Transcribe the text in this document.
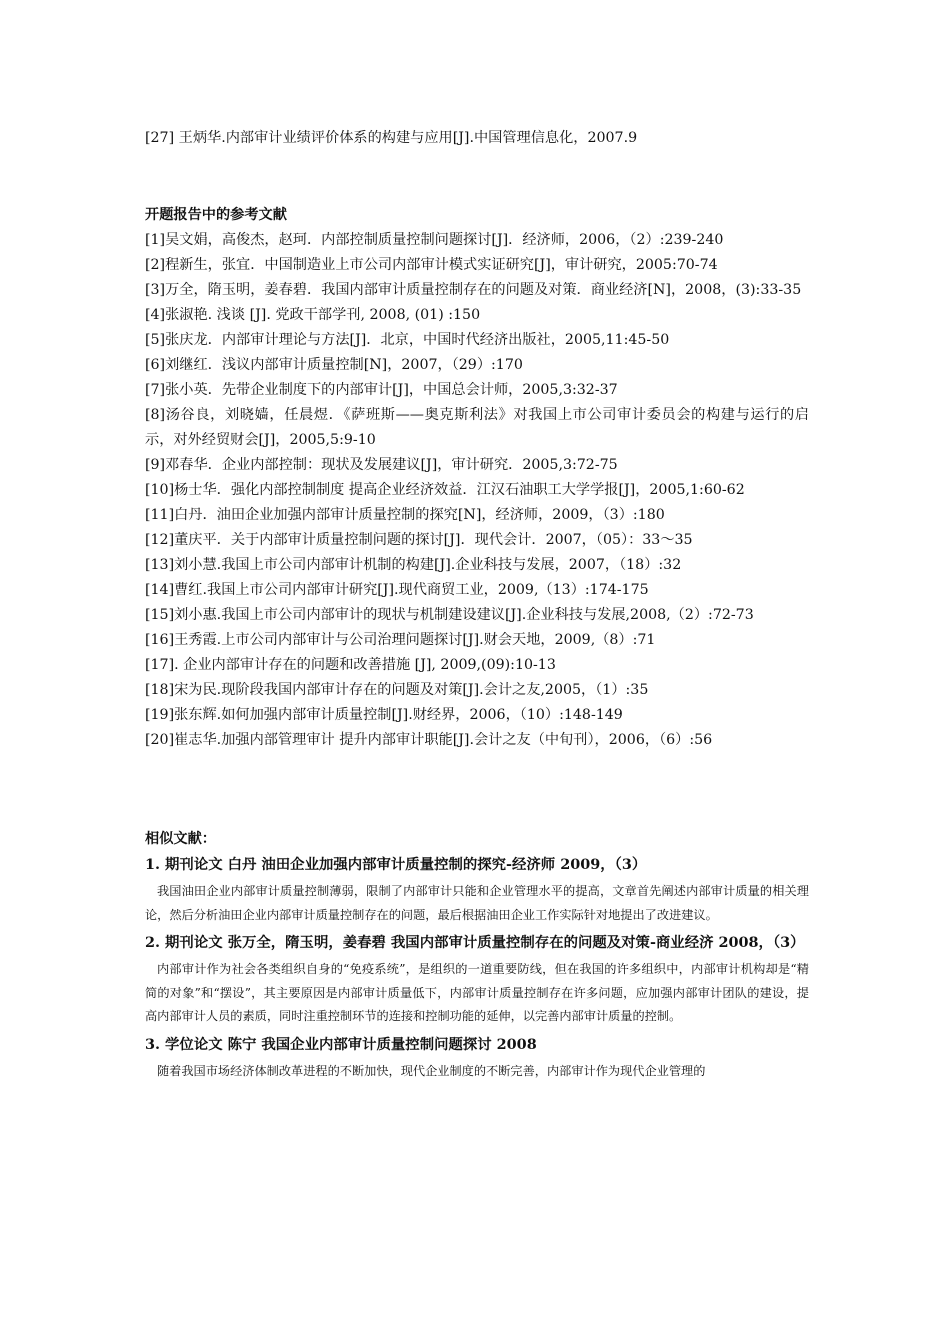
[27] 王炳华.内部审计业绩评价体系的构建与应用[J].中国管理信息化，2007.9

开题报告中的参考文献

[1]吴文娟，高俊杰，赵珂．内部控制质量控制问题探讨[J]．经济师，2006，（2）:239-240

[2]程新生，张宜．中国制造业上市公司内部审计模式实证研究[J]，审计研究，2005:70-74

[3]万全，隋玉明，姜春碧．我国内部审计质量控制存在的问题及对策．商业经济[N]，2008，(3):33-35

[4]张淑艳. 浅谈 [J]. 党政干部学刊, 2008, (01) :150

[5]张庆龙．内部审计理论与方法[J]．北京，中国时代经济出版社，2005,11:45-50

[6]刘继红．浅议内部审计质量控制[N]，2007，（29）:170

[7]张小英．先带企业制度下的内部审计[J]，中国总会计师，2005,3:32-37

[8]汤谷良，刘晓嫱，任晨煜．《萨班斯——奥克斯利法》对我国上市公司审计委员会的构建与运行的启示，对外经贸财会[J]，2005,5:9-10

[9]邓春华．企业内部控制：现状及发展建议[J]，审计研究．2005,3:72-75

[10]杨士华．强化内部控制制度 提高企业经济效益．江汉石油职工大学学报[J]，2005,1:60-62

[11]白丹．油田企业加强内部审计质量控制的探究[N]，经济师，2009，（3）:180

[12]董庆平．关于内部审计质量控制问题的探讨[J]．现代会计．2007，（05）：33～35

[13]刘小慧.我国上市公司内部审计机制的构建[J].企业科技与发展，2007，（18）:32

[14]曹红.我国上市公司内部审计研究[J].现代商贸工业，2009,（13）:174-175

[15]刘小惠.我国上市公司内部审计的现状与机制建设建议[J].企业科技与发展,2008,（2）:72-73

[16]王秀霞.上市公司内部审计与公司治理问题探讨[J].财会天地，2009,（8）:71

[17]. 企业内部审计存在的问题和改善措施 [J], 2009,(09):10-13

[18]宋为民.现阶段我国内部审计存在的问题及对策[J].会计之友,2005，（1）:35

[19]张东辉.如何加强内部审计质量控制[J].财经界，2006，（10）:148-149

[20]崔志华.加强内部管理审计 提升内部审计职能[J].会计之友（中旬刊），2006，（6）:56

相似文献：

1. 期刊论文 白丹 油田企业加强内部审计质量控制的探究-经济师 2009，（3）

我国油田企业内部审计质量控制薄弱，限制了内部审计只能和企业管理水平的提高，文章首先阐述内部审计质量的相关理论，然后分析油田企业内部审计质量控制存在的问题，最后根据油田企业工作实际针对地提出了改进建议。

2. 期刊论文 张万全，隋玉明，姜春碧 我国内部审计质量控制存在的问题及对策-商业经济 2008，（3）

内部审计作为社会各类组织自身的“免疫系统”，是组织的一道重要防线，但在我国的许多组织中，内部审计机构却是“精简的对象”和“摆设”，其主要原因是内部审计质量低下，内部审计质量控制存在许多问题，应加强内部审计团队的建设，提高内部审计人员的素质，同时注重控制环节的连接和控制功能的延伸，以完善内部审计质量的控制。

3. 学位论文 陈宁 我国企业内部审计质量控制问题探讨 2008

随着我国市场经济体制改革进程的不断加快，现代企业制度的不断完善，内部审计作为现代企业管理的
